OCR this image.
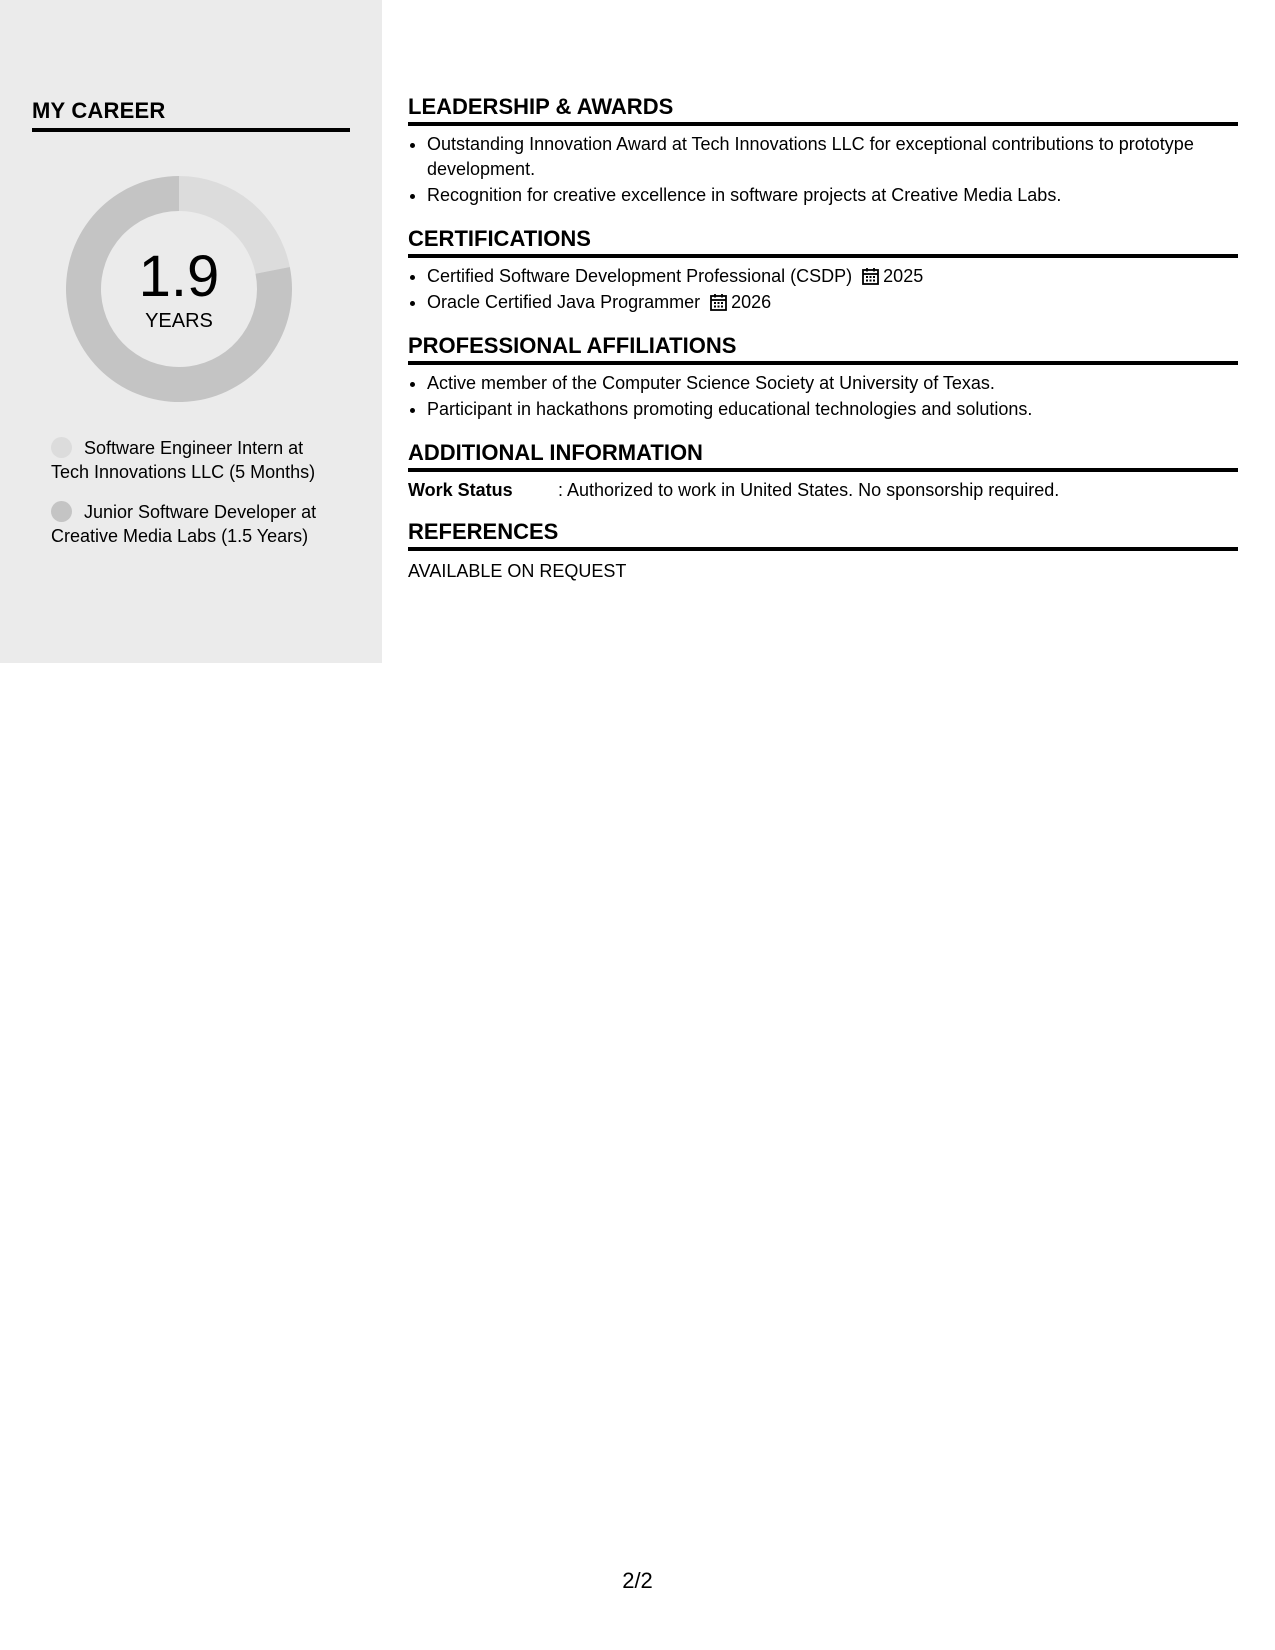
MY CAREER
1.9
YEARS
Software Engineer Intern at Tech Innovations LLC (5 Months)
Junior Software Developer at Creative Media Labs (1.5 Years)
LEADERSHIP & AWARDS
• Outstanding Innovation Award at Tech Innovations LLC for exceptional contributions to prototype development.
• Recognition for creative excellence in software projects at Creative Media Labs.
CERTIFICATIONS
• Certified Software Development Professional (CSDP) 2025
• Oracle Certified Java Programmer 2026
PROFESSIONAL AFFILIATIONS
• Active member of the Computer Science Society at University of Texas.
• Participant in hackathons promoting educational technologies and solutions.
ADDITIONAL INFORMATION
Work Status	: Authorized to work in United States. No sponsorship required.
REFERENCES
AVAILABLE ON REQUEST
2/2
